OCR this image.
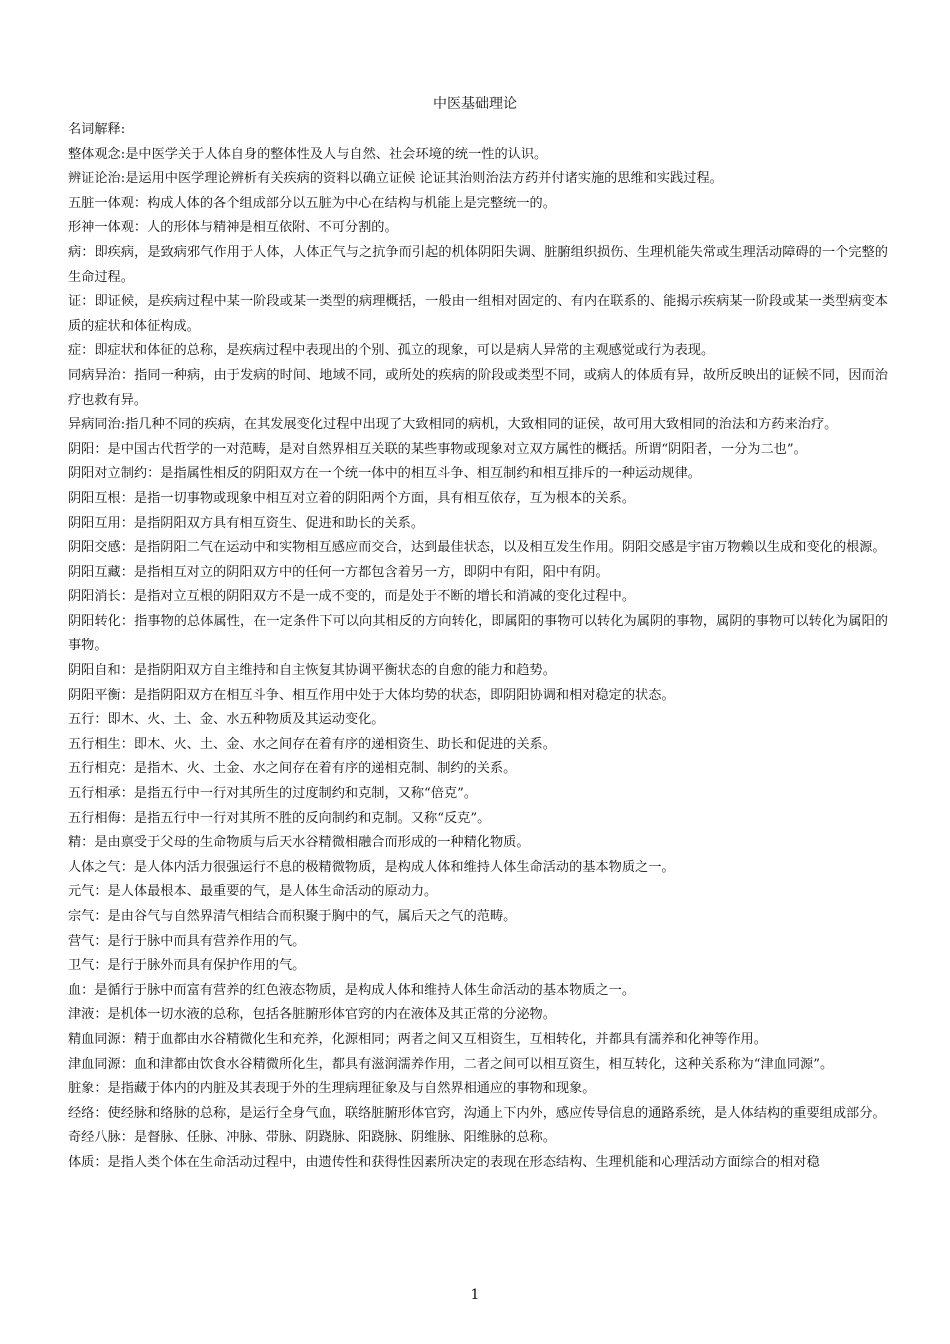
中医基础理论

名词解释:

整体观念:是中医学关于人体自身的整体性及人与自然、社会环境的统一性的认识。

辨证论治:是运用中医学理论辨析有关疾病的资料以确立证候 论证其治则治法方药并付诸实施的思维和实践过程。

五脏一体观：构成人体的各个组成部分以五脏为中心在结构与机能上是完整统一的。

形神一体观：人的形体与精神是相互依附、不可分割的。

病：即疾病，是致病邪气作用于人体，人体正气与之抗争而引起的机体阴阳失调、脏腑组织损伤、生理机能失常或生理活动障碍的一个完整的生命过程。

证：即证候，是疾病过程中某一阶段或某一类型的病理概括，一般由一组相对固定的、有内在联系的、能揭示疾病某一阶段或某一类型病变本质的症状和体征构成。

症：即症状和体征的总称，是疾病过程中表现出的个别、孤立的现象，可以是病人异常的主观感觉或行为表现。

同病异治：指同一种病，由于发病的时间、地域不同，或所处的疾病的阶段或类型不同，或病人的体质有异，故所反映出的证候不同，因而治疗也救有异。

异病同治:指几种不同的疾病，在其发展变化过程中出现了大致相同的病机，大致相同的证侯，故可用大致相同的治法和方药来治疗。

阴阳：是中国古代哲学的一对范畴，是对自然界相互关联的某些事物或现象对立双方属性的概括。所谓“阴阳者，一分为二也”。

阴阳对立制约：是指属性相反的阴阳双方在一个统一体中的相互斗争、相互制约和相互排斥的一种运动规律。

阴阳互根：是指一切事物或现象中相互对立着的阴阳两个方面，具有相互依存，互为根本的关系。

阴阳互用：是指阴阳双方具有相互资生、促进和助长的关系。

阴阳交感：是指阴阳二气在运动中和实物相互感应而交合，达到最佳状态，以及相互发生作用。阴阳交感是宇宙万物赖以生成和变化的根源。

阴阳互藏：是指相互对立的阴阳双方中的任何一方都包含着另一方，即阴中有阳，阳中有阴。

阴阳消长：是指对立互根的阴阳双方不是一成不变的，而是处于不断的增长和消减的变化过程中。

阴阳转化：指事物的总体属性，在一定条件下可以向其相反的方向转化，即属阳的事物可以转化为属阴的事物，属阴的事物可以转化为属阳的事物。

阴阳自和：是指阴阳双方自主维持和自主恢复其协调平衡状态的自愈的能力和趋势。

阴阳平衡：是指阴阳双方在相互斗争、相互作用中处于大体均势的状态，即阴阳协调和相对稳定的状态。

五行：即木、火、土、金、水五种物质及其运动变化。

五行相生：即木、火、土、金、水之间存在着有序的递相资生、助长和促进的关系。

五行相克：是指木、火、土金、水之间存在着有序的递相克制、制约的关系。

五行相承：是指五行中一行对其所生的过度制约和克制，又称“倍克”。

五行相侮：是指五行中一行对其所不胜的反向制约和克制。又称“反克”。

精：是由禀受于父母的生命物质与后天水谷精微相融合而形成的一种精化物质。

人体之气：是人体内活力很强运行不息的极精微物质，是构成人体和维持人体生命活动的基本物质之一。

元气：是人体最根本、最重要的气，是人体生命活动的原动力。

宗气：是由谷气与自然界清气相结合而积聚于胸中的气，属后天之气的范畴。

营气：是行于脉中而具有营养作用的气。

卫气：是行于脉外而具有保护作用的气。

血：是循行于脉中而富有营养的红色液态物质，是构成人体和维持人体生命活动的基本物质之一。

津液：是机体一切水液的总称，包括各脏腑形体官窍的内在液体及其正常的分泌物。

精血同源：精于血都由水谷精微化生和充养，化源相同；两者之间又互相资生，互相转化，并都具有濡养和化神等作用。

津血同源：血和津都由饮食水谷精微所化生，都具有滋润濡养作用，二者之间可以相互资生，相互转化，这种关系称为“津血同源”。

脏象：是指藏于体内的内脏及其表现于外的生理病理征象及与自然界相通应的事物和现象。

经络：使经脉和络脉的总称，是运行全身气血，联络脏腑形体官窍，沟通上下内外，感应传导信息的通路系统，是人体结构的重要组成部分。

奇经八脉：是督脉、任脉、冲脉、带脉、阴跷脉、阳跷脉、阴维脉、阳维脉的总称。

体质：是指人类个体在生命活动过程中，由遗传性和获得性因素所决定的表现在形态结构、生理机能和心理活动方面综合的相对稳

1
